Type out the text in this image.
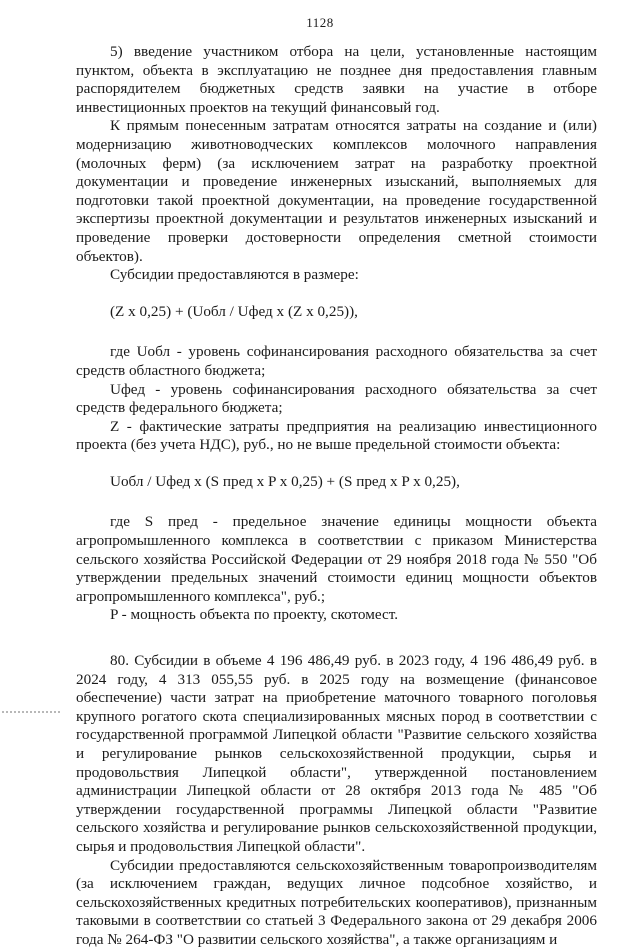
1128

5) введение участником отбора на цели, установленные настоящим пунктом, объекта в эксплуатацию не позднее дня предоставления главным распорядителем бюджетных средств заявки на участие в отборе инвестиционных проектов на текущий финансовый год.

К прямым понесенным затратам относятся затраты на создание и (или) модернизацию животноводческих комплексов молочного направления (молочных ферм) (за исключением затрат на разработку проектной документации и проведение инженерных изысканий, выполняемых для подготовки такой проектной документации, на проведение государственной экспертизы проектной документации и результатов инженерных изысканий и проведение проверки достоверности определения сметной стоимости объектов).

Субсидии предоставляются в размере:

(Z x 0,25) + (Uобл / Uфед x (Z x 0,25)),

где Uобл - уровень софинансирования расходного обязательства за счет средств областного бюджета;

Uфед - уровень софинансирования расходного обязательства за счет средств федерального бюджета;

Z - фактические затраты предприятия на реализацию инвестиционного проекта (без учета НДС), руб., но не выше предельной стоимости объекта:

Uобл / Uфед x (S пред x P x 0,25) + (S пред x P x 0,25),

где S пред - предельное значение единицы мощности объекта агропромышленного комплекса в соответствии с приказом Министерства сельского хозяйства Российской Федерации от 29 ноября 2018 года № 550 "Об утверждении предельных значений стоимости единиц мощности объектов агропромышленного комплекса", руб.;

P - мощность объекта по проекту, скотомест.

80. Субсидии в объеме 4 196 486,49 руб. в 2023 году, 4 196 486,49 руб. в 2024 году, 4 313 055,55 руб. в 2025 году на возмещение (финансовое обеспечение) части затрат на приобретение маточного товарного поголовья крупного рогатого скота специализированных мясных пород в соответствии с государственной программой Липецкой области "Развитие сельского хозяйства и регулирование рынков сельскохозяйственной продукции, сырья и продовольствия Липецкой области", утвержденной постановлением администрации Липецкой области от 28 октября 2013 года № 485 "Об утверждении государственной программы Липецкой области "Развитие сельского хозяйства и регулирование рынков сельскохозяйственной продукции, сырья и продовольствия Липецкой области".

Субсидии предоставляются сельскохозяйственным товаропроизводителям (за исключением граждан, ведущих личное подсобное хозяйство, и сельскохозяйственных кредитных потребительских кооперативов), признанным таковыми в соответствии со статьей 3 Федерального закона от 29 декабря 2006 года № 264-ФЗ "О развитии сельского хозяйства", а также организациям и
